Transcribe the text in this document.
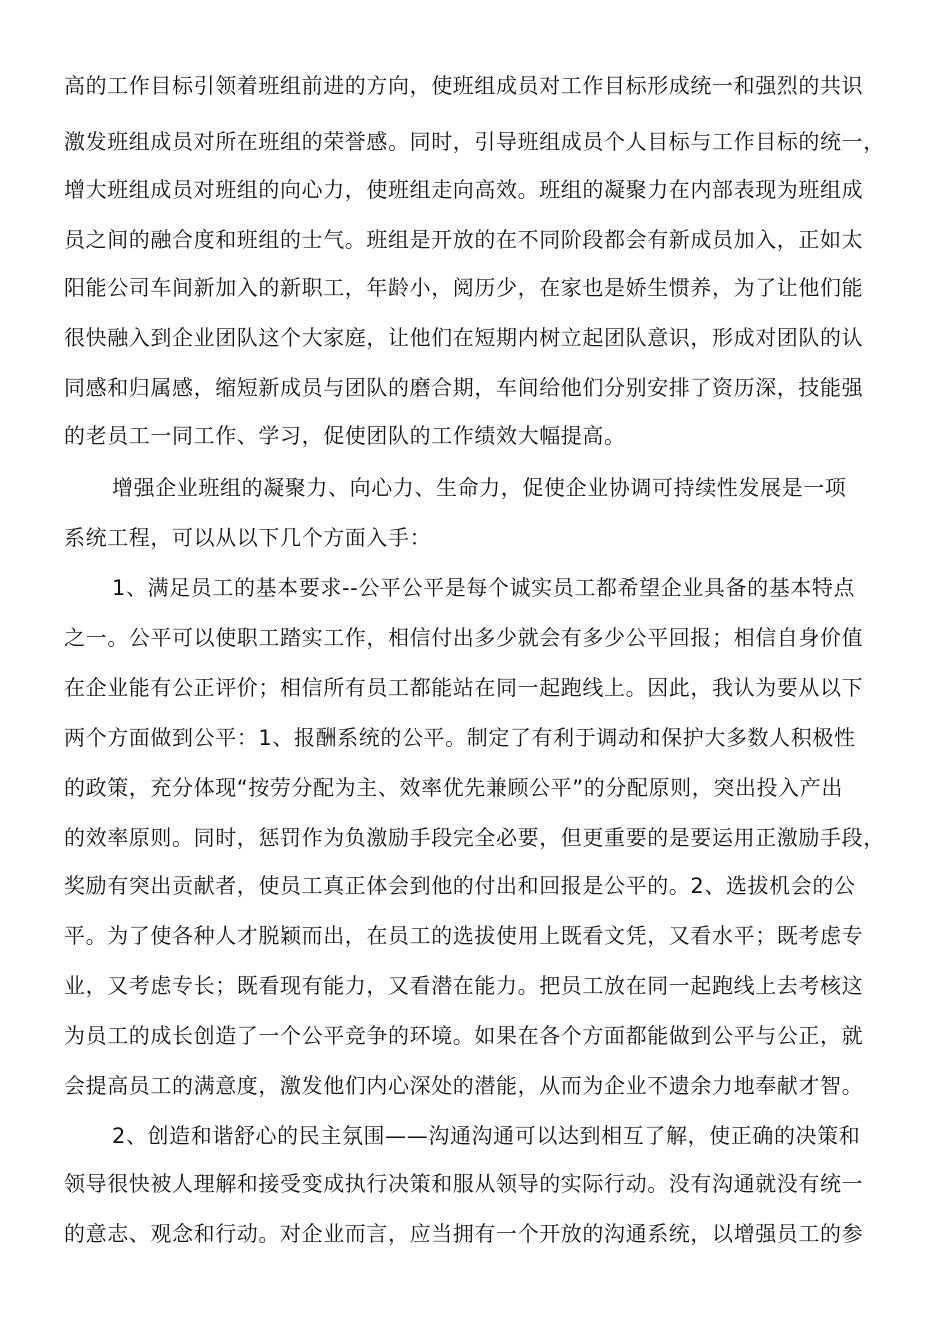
高的工作目标引领着班组前进的方向，使班组成员对工作目标形成统一和强烈的共识
激发班组成员对所在班组的荣誉感。同时，引导班组成员个人目标与工作目标的统一，
增大班组成员对班组的向心力，使班组走向高效。班组的凝聚力在内部表现为班组成
员之间的融合度和班组的士气。班组是开放的在不同阶段都会有新成员加入，正如太
阳能公司车间新加入的新职工，年龄小，阅历少，在家也是娇生惯养，为了让他们能
很快融入到企业团队这个大家庭，让他们在短期内树立起团队意识，形成对团队的认
同感和归属感，缩短新成员与团队的磨合期，车间给他们分别安排了资历深，技能强
的老员工一同工作、学习，促使团队的工作绩效大幅提高。
增强企业班组的凝聚力、向心力、生命力，促使企业协调可持续性发展是一项
系统工程，可以从以下几个方面入手：
1、满足员工的基本要求--公平公平是每个诚实员工都希望企业具备的基本特点
之一。公平可以使职工踏实工作，相信付出多少就会有多少公平回报；相信自身价值
在企业能有公正评价；相信所有员工都能站在同一起跑线上。因此，我认为要从以下
两个方面做到公平：1、报酬系统的公平。制定了有利于调动和保护大多数人积极性
的政策，充分体现“按劳分配为主、效率优先兼顾公平”的分配原则，突出投入产出
的效率原则。同时，惩罚作为负激励手段完全必要，但更重要的是要运用正激励手段，
奖励有突出贡献者，使员工真正体会到他的付出和回报是公平的。2、选拔机会的公
平。为了使各种人才脱颖而出，在员工的选拔使用上既看文凭，又看水平；既考虑专
业，又考虑专长；既看现有能力，又看潜在能力。把员工放在同一起跑线上去考核这
为员工的成长创造了一个公平竞争的环境。如果在各个方面都能做到公平与公正，就
会提高员工的满意度，激发他们内心深处的潜能，从而为企业不遗余力地奉献才智。
2、创造和谐舒心的民主氛围——沟通沟通可以达到相互了解，使正确的决策和
领导很快被人理解和接受变成执行决策和服从领导的实际行动。没有沟通就没有统一
的意志、观念和行动。对企业而言，应当拥有一个开放的沟通系统，以增强员工的参
